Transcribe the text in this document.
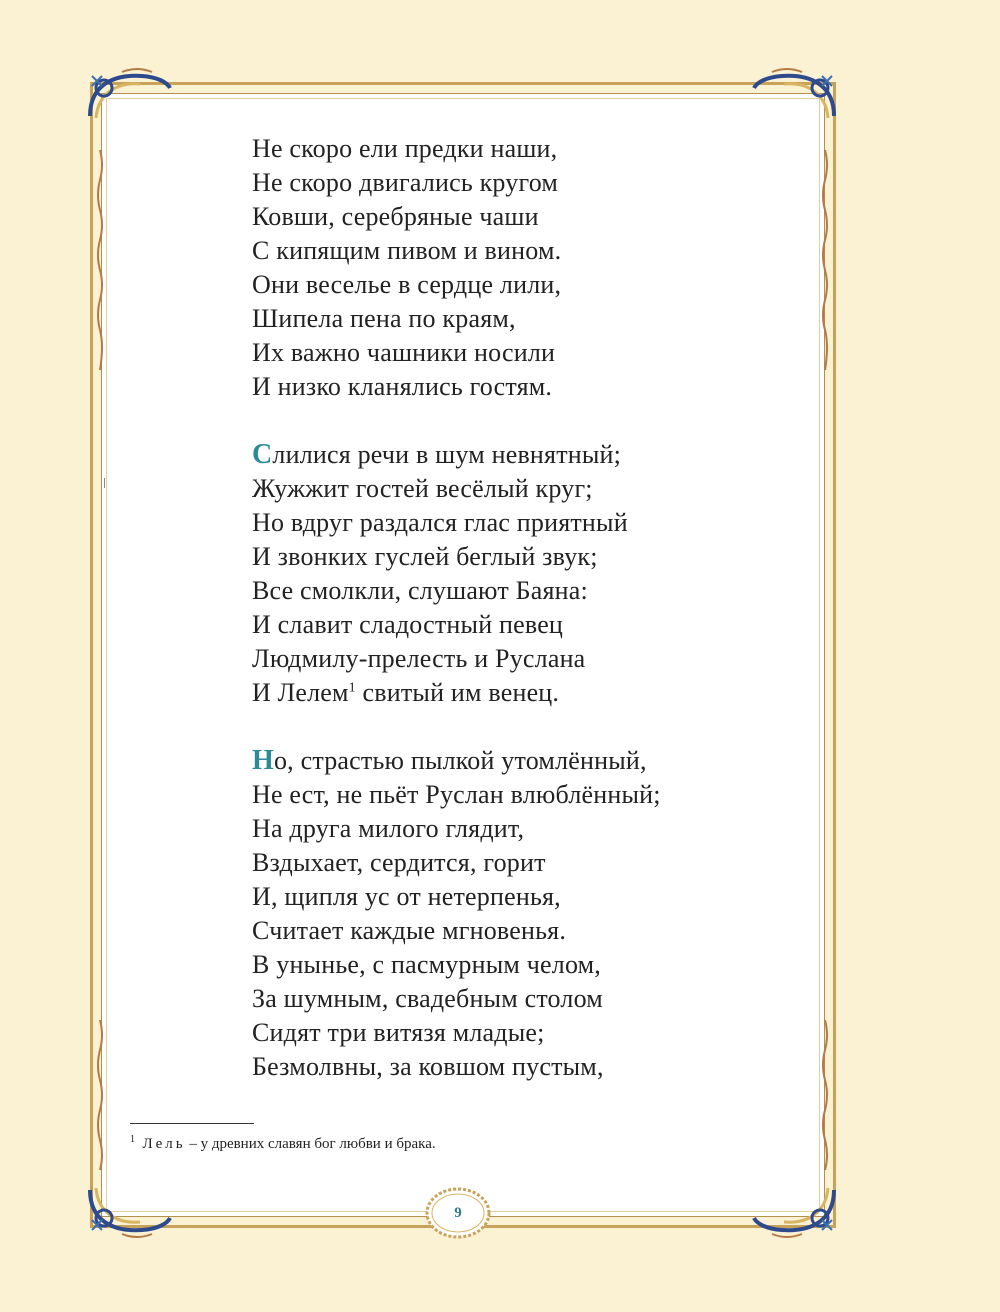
Не скоро ели предки наши,
Не скоро двигались кругом
Ковши, серебряные чаши
С кипящим пивом и вином.
Они веселье в сердце лили,
Шипела пена по краям,
Их важно чашники носили
И низко кланялись гостям.
Слилися речи в шум невнятный;
Жужжит гостей весёлый круг;
Но вдруг раздался глас приятный
И звонких гуслей беглый звук;
Все смолкли, слушают Баяна:
И славит сладостный певец
Людмилу-прелесть и Руслана
И Лелем$^1$ свитый им венец.
Но, страстью пылкой утомлённый,
Не ест, не пьёт Руслан влюблённый;
На друга милого глядит,
Вздыхает, сердится, горит
И, щипля ус от нетерпенья,
Считает каждые мгновенья.
В унынье, с пасмурным челом,
За шумным, свадебным столом
Сидят три витязя младые;
Безмолвны, за ковшом пустым,
$^1$ Лель – у древних славян бог любви и брака.
9
